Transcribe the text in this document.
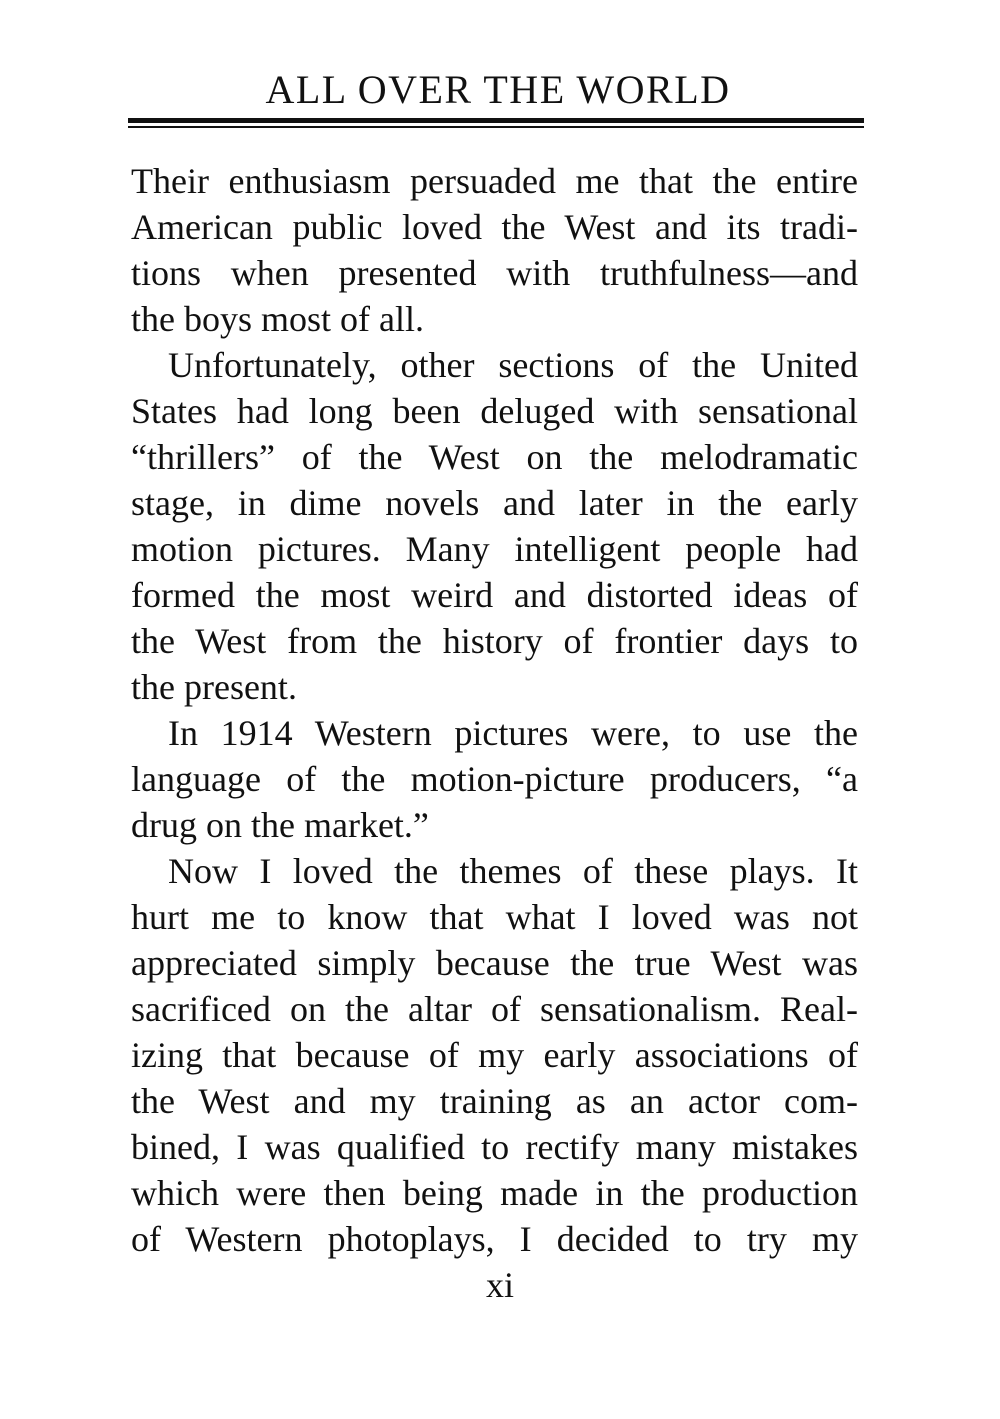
ALL OVER THE WORLD
Their enthusiasm persuaded me that the entire
American public loved the West and its tradi-
tions when presented with truthfulness—and
the boys most of all.
Unfortunately, other sections of the United
States had long been deluged with sensational
“thrillers” of the West on the melodramatic
stage, in dime novels and later in the early
motion pictures. Many intelligent people had
formed the most weird and distorted ideas of
the West from the history of frontier days to
the present.
In 1914 Western pictures were, to use the
language of the motion-picture producers, “a
drug on the market.”
Now I loved the themes of these plays. It
hurt me to know that what I loved was not
appreciated simply because the true West was
sacrificed on the altar of sensationalism. Real-
izing that because of my early associations of
the West and my training as an actor com-
bined, I was qualified to rectify many mistakes
which were then being made in the production
of Western photoplays, I decided to try my
xi
